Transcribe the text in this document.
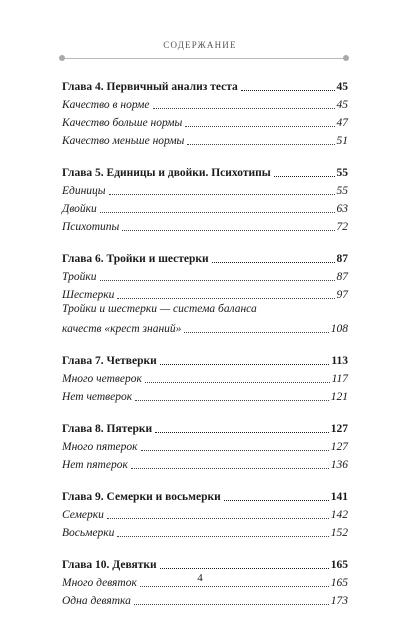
СОДЕРЖАНИЕ
Глава 4. Первичный анализ теста	45
Качество в норме	45
Качество больше нормы	47
Качество меньше нормы	51
Глава 5. Единицы и двойки. Психотипы	55
Единицы	55
Двойки	63
Психотипы	72
Глава 6. Тройки и шестерки	87
Тройки	87
Шестерки	97
Тройки и шестерки — система баланса
качеств «крест знаний»	108
Глава 7. Четверки	113
Много четверок	117
Нет четверок	121
Глава 8. Пятерки	127
Много пятерок	127
Нет пятерок	136
Глава 9. Семерки и восьмерки	141
Семерки	142
Восьмерки	152
Глава 10. Девятки	165
Много девяток	165
Одна девятка	173
4
